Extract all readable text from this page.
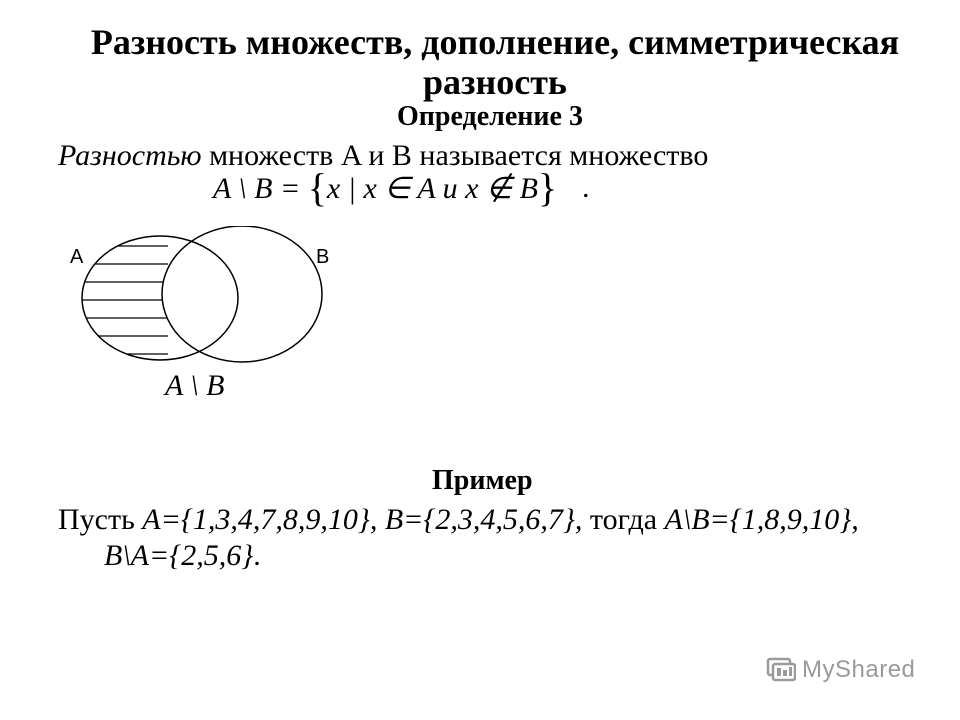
Разность множеств, дополнение, симметрическая разность
Определение 3
Разностью множеств A и B называется множество
A \ B = {x | x ∈ A и x ∉ B} .
A	B
A \ B
Пример
Пусть A={1,3,4,7,8,9,10}, B={2,3,4,5,6,7}, тогда A\B={1,8,9,10},
B\A={2,5,6}.
MyShared
